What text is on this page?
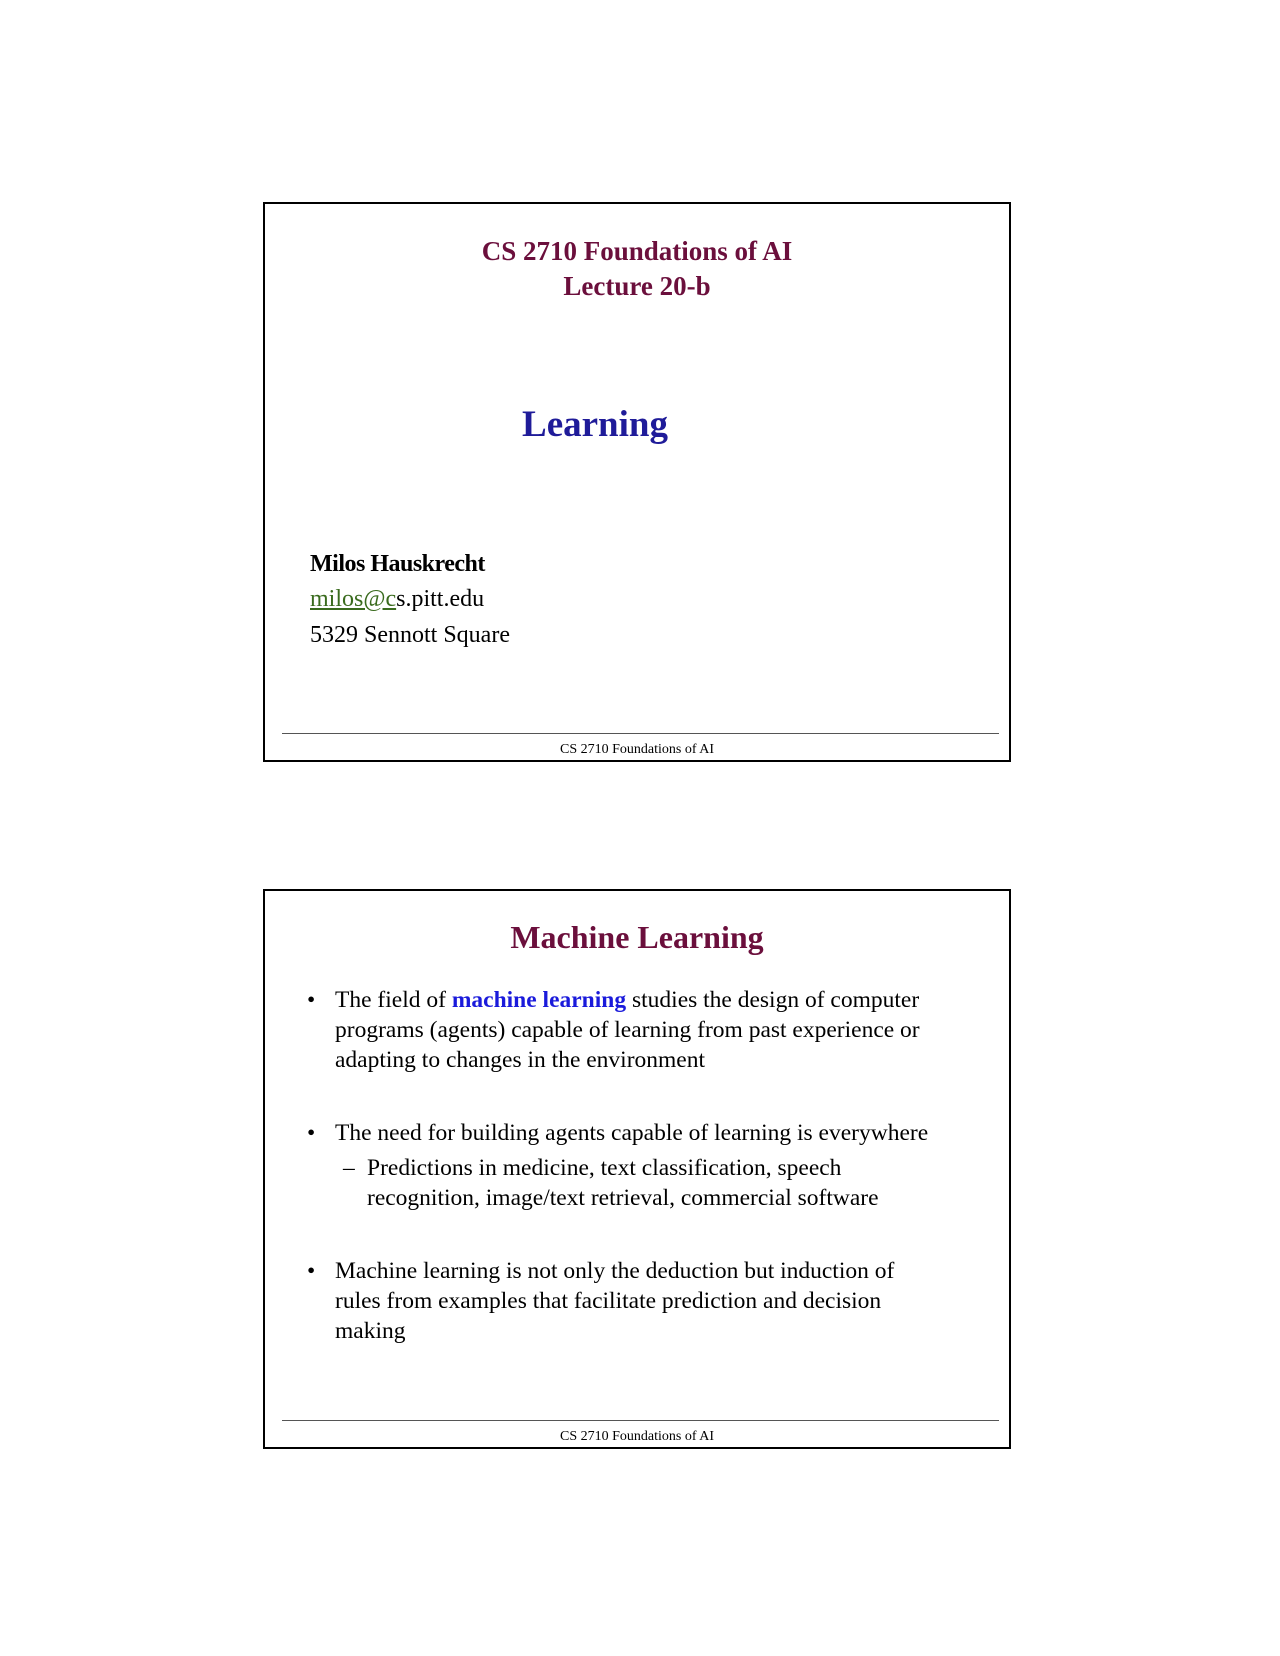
CS 2710 Foundations of AI
Lecture 20-b
Learning
Milos Hauskrecht
milos@cs.pitt.edu
5329 Sennott Square
CS 2710 Foundations of AI
Machine Learning
• The field of machine learning studies the design of computer
programs (agents) capable of learning from past experience or
adapting to changes in the environment
• The need for building agents capable of learning is everywhere
– Predictions in medicine, text classification, speech
recognition, image/text retrieval, commercial software
• Machine learning is not only the deduction but induction of
rules from examples that facilitate prediction and decision
making
CS 2710 Foundations of AI
